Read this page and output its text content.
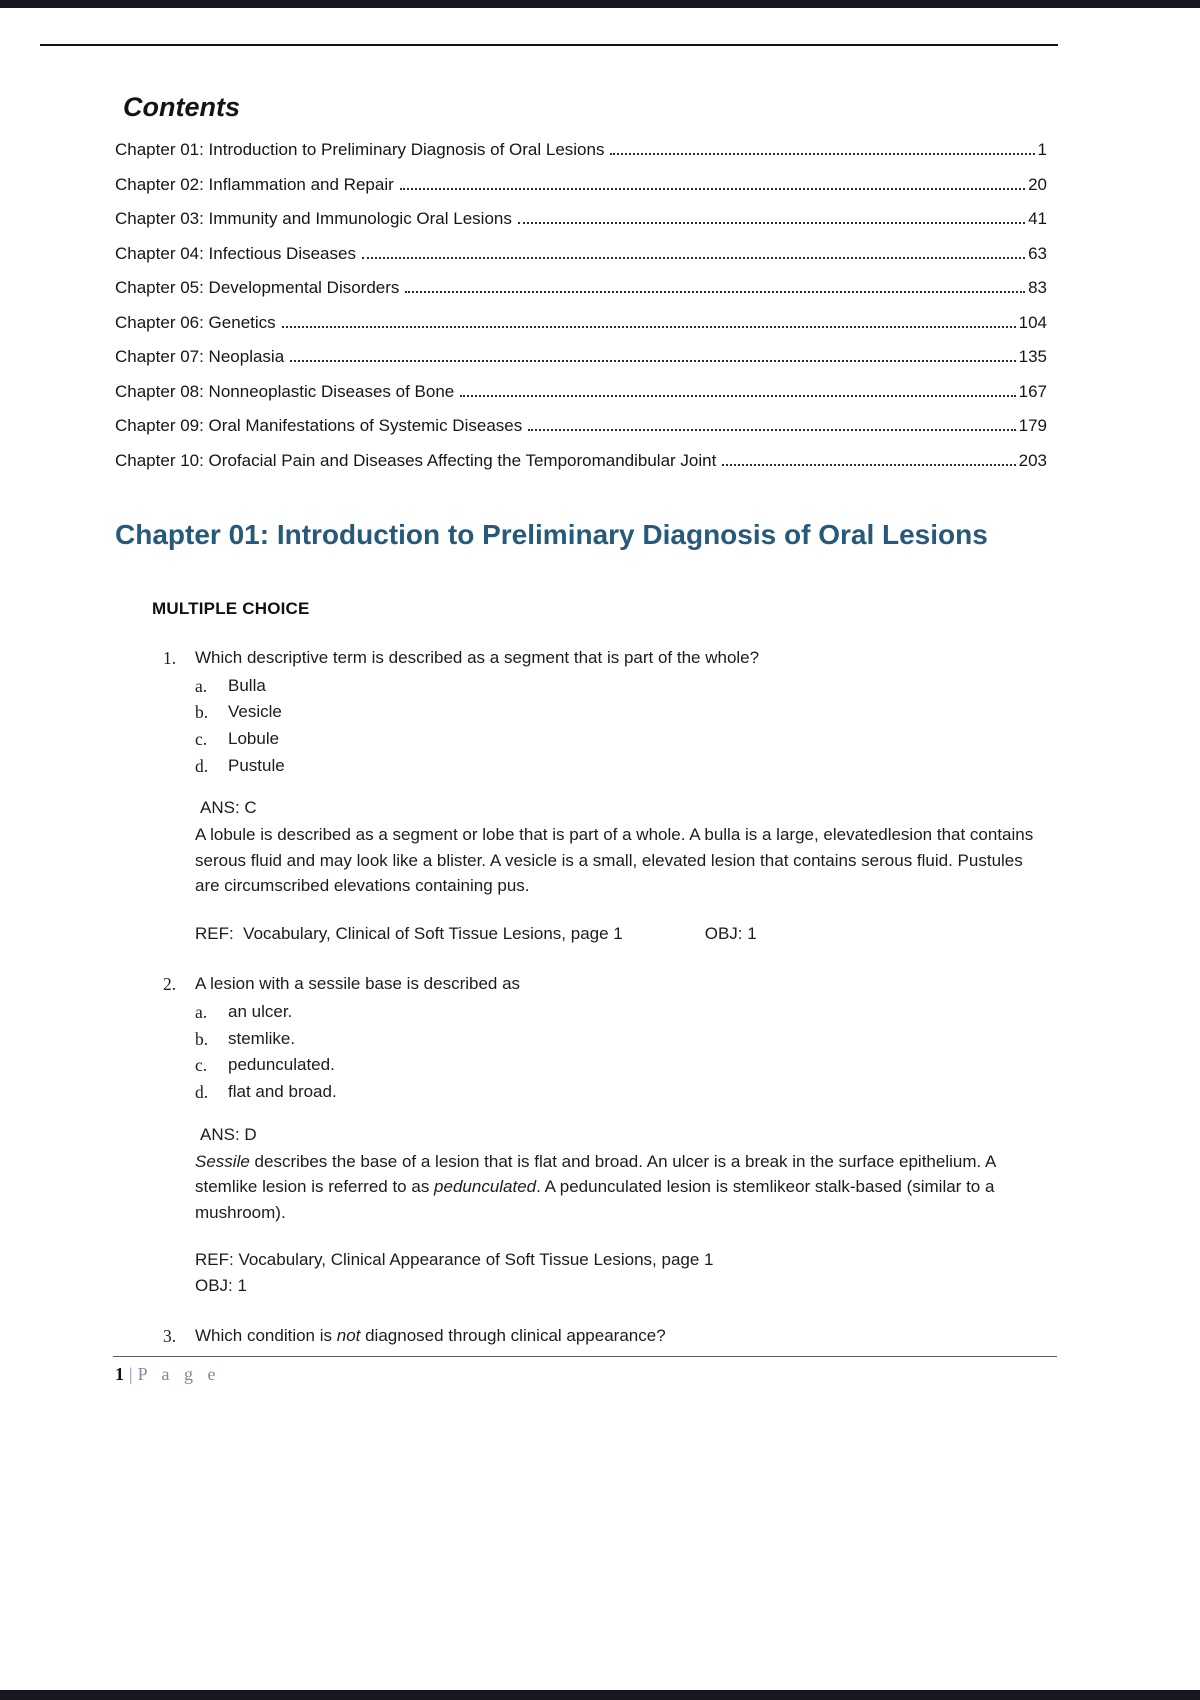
Contents
Chapter 01: Introduction to Preliminary Diagnosis of Oral Lesions	1
Chapter 02: Inflammation and Repair	20
Chapter 03: Immunity and Immunologic Oral Lesions	41
Chapter 04: Infectious Diseases	63
Chapter 05: Developmental Disorders	83
Chapter 06: Genetics	104
Chapter 07: Neoplasia	135
Chapter 08: Nonneoplastic Diseases of Bone	167
Chapter 09: Oral Manifestations of Systemic Diseases	179
Chapter 10: Orofacial Pain and Diseases Affecting the Temporomandibular Joint	203
Chapter 01: Introduction to Preliminary Diagnosis of Oral Lesions
MULTIPLE CHOICE
1.	Which descriptive term is described as a segment that is part of the whole?
a.	Bulla
b.	Vesicle
c.	Lobule
d.	Pustule
ANS: C

A lobule is described as a segment or lobe that is part of a whole. A bulla is a large, elevatedlesion that contains serous fluid and may look like a blister. A vesicle is a small, elevated lesion that contains serous fluid. Pustules are circumscribed elevations containing pus.

REF:  Vocabulary, Clinical of Soft Tissue Lesions, page 1	OBJ: 1
2.	A lesion with a sessile base is described as
a.	an ulcer.
b.	stemlike.
c.	pedunculated.
d.	flat and broad.
ANS: D

Sessile describes the base of a lesion that is flat and broad. An ulcer is a break in the surface epithelium. A stemlike lesion is referred to as pedunculated. A pedunculated lesion is stemlikeor stalk-based (similar to a mushroom).

REF: Vocabulary, Clinical Appearance of Soft Tissue Lesions, page 1
OBJ: 1
3.	Which condition is not diagnosed through clinical appearance?
1 | P a g e
